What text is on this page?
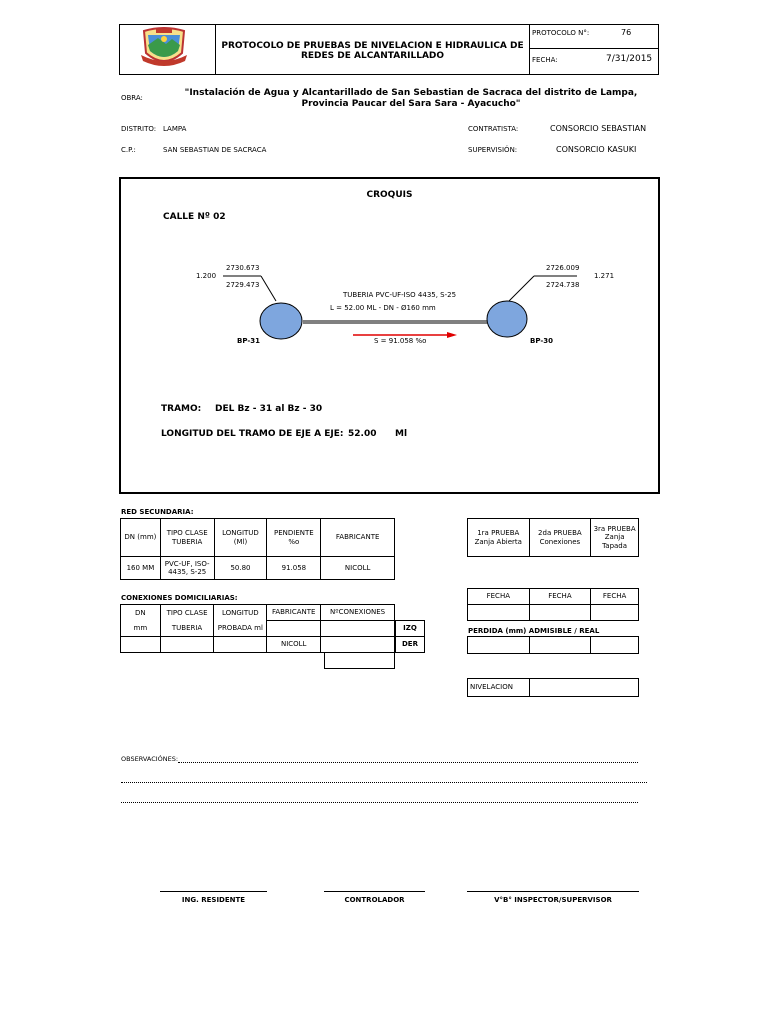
PROTOCOLO DE PRUEBAS DE NIVELACION E HIDRAULICA DE REDES DE ALCANTARILLADO
PROTOCOLO N°:	76
FECHA:	7/31/2015
OBRA:	"Instalación de Agua y Alcantarillado de San Sebastian de Sacraca del distrito de Lampa, Provincia Paucar del Sara Sara - Ayacucho"
DISTRITO: LAMPA	CONTRATISTA:	CONSORCIO SEBASTIAN
C.P.:	SAN SEBASTIAN DE SACRACA	SUPERVISIÓN:	CONSORCIO KASUKI
CROQUIS
CALLE Nº 02
2730.673
1.200
2729.473
2726.009
1.271
2724.738
TUBERIA PVC-UF-ISO 4435, S-25
L = 52.00 ML - DN - Ø160 mm
S = 91.058 %o
BP-31	BP-30
TRAMO: DEL Bz - 31 al Bz - 30
LONGITUD DEL TRAMO DE EJE A EJE: 52.00 Ml
RED SECUNDARIA:
DN (mm)	TIPO CLASE TUBERIA	LONGITUD (Ml)	PENDIENTE %o	FABRICANTE
160 MM	PVC-UF, ISO-4435, S-25	50.80	91.058	NICOLL
1ra PRUEBA Zanja Abierta	2da PRUEBA Conexiones	3ra PRUEBA Zanja Tapada
FECHA	FECHA	FECHA

PERDIDA (mm) ADMISIBLE / REAL

NIVELACION	
CONEXIONES DOMICILIARIAS:
DN	TIPO CLASE	LONGITUD	FABRICANTE	NºCONEXIONES
mm	TUBERIA	PROBADA ml		
			NICOLL	
IZQ
DER
OBSERVACIÓNES:
ING. RESIDENTE	CONTROLADOR	V°B° INSPECTOR/SUPERVISOR
